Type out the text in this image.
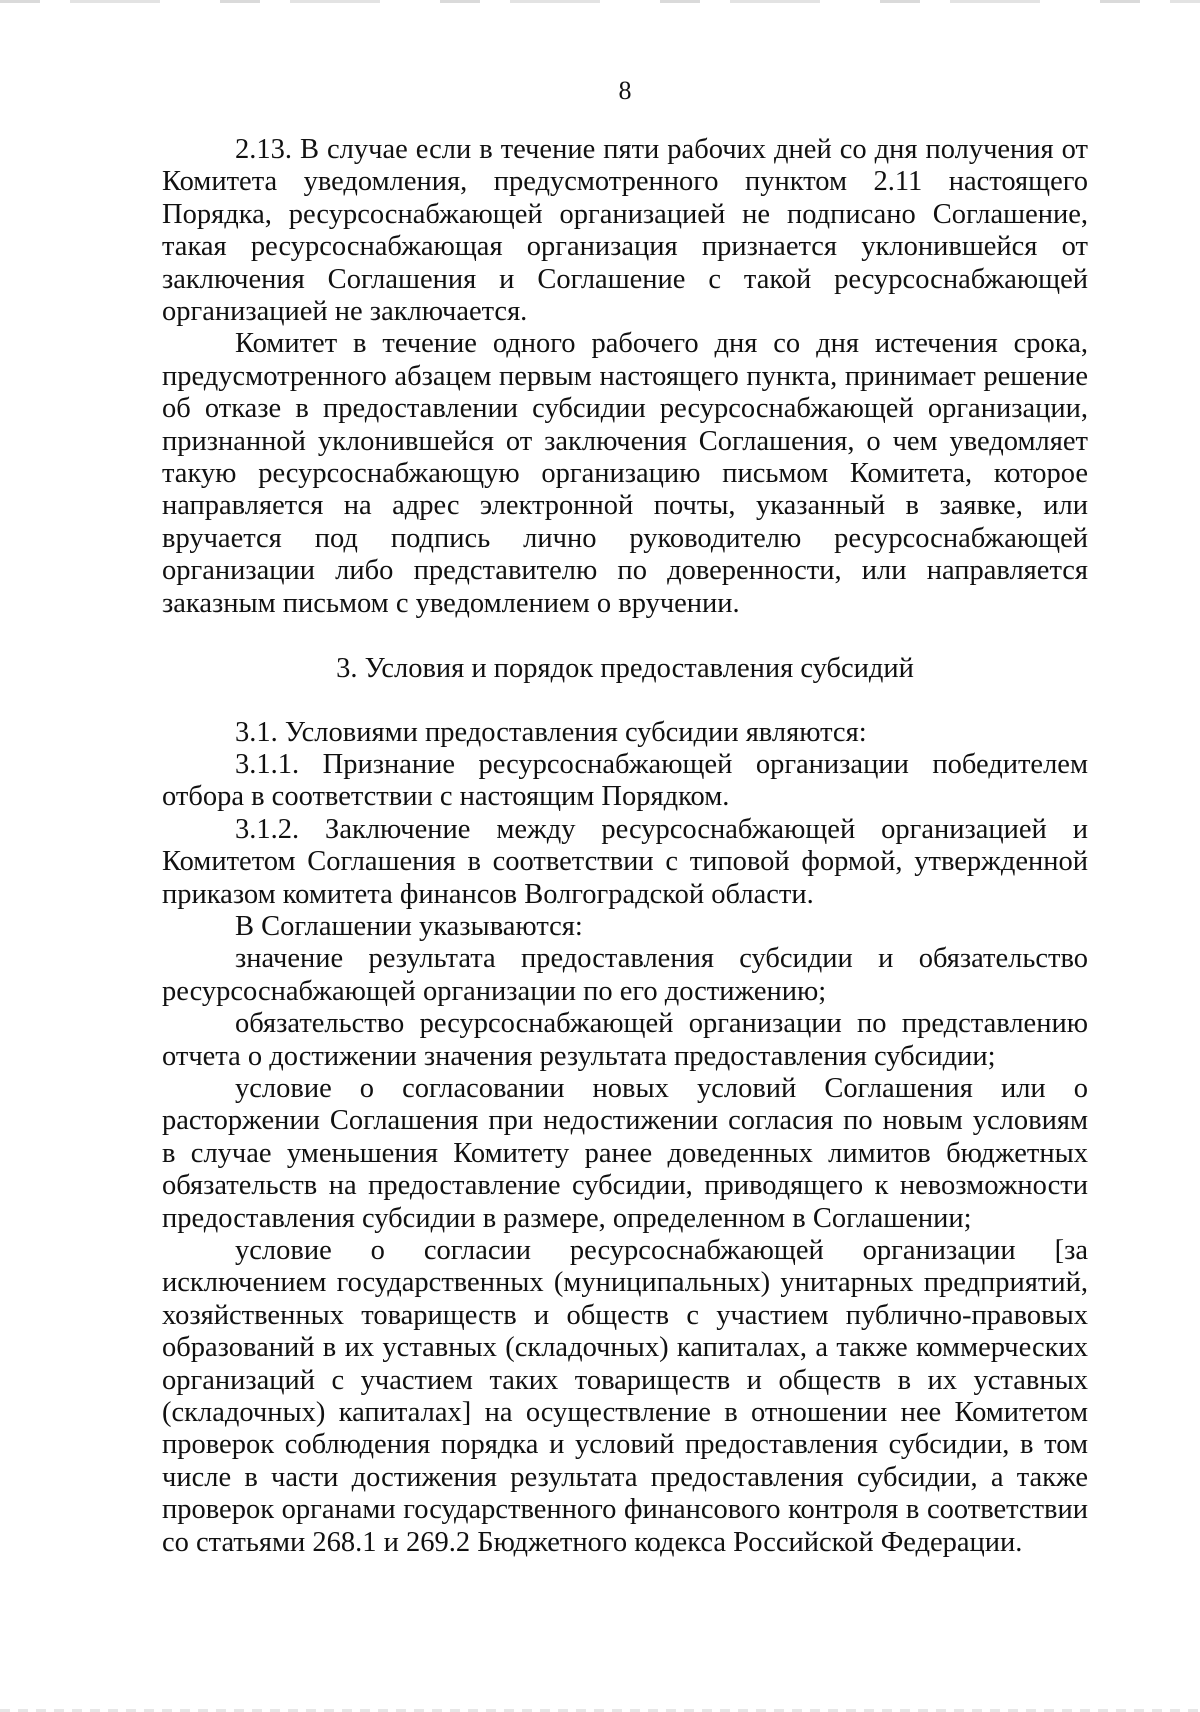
8

2.13. В случае если в течение пяти рабочих дней со дня получения от Комитета уведомления, предусмотренного пунктом 2.11 настоящего Порядка, ресурсоснабжающей организацией не подписано Соглашение, такая ресурсоснабжающая организация признается уклонившейся от заключения Соглашения и Соглашение с такой ресурсоснабжающей организацией не заключается.

Комитет в течение одного рабочего дня со дня истечения срока, предусмотренного абзацем первым настоящего пункта, принимает решение об отказе в предоставлении субсидии ресурсоснабжающей организации, признанной уклонившейся от заключения Соглашения, о чем уведомляет такую ресурсоснабжающую организацию письмом Комитета, которое направляется на адрес электронной почты, указанный в заявке, или вручается под подпись лично руководителю ресурсоснабжающей организации либо представителю по доверенности, или направляется заказным письмом с уведомлением о вручении.

3. Условия и порядок предоставления субсидий

3.1. Условиями предоставления субсидии являются:

3.1.1. Признание ресурсоснабжающей организации победителем отбора в соответствии с настоящим Порядком.

3.1.2. Заключение между ресурсоснабжающей организацией и Комитетом Соглашения в соответствии с типовой формой, утвержденной приказом комитета финансов Волгоградской области.

В Соглашении указываются:

значение результата предоставления субсидии и обязательство ресурсоснабжающей организации по его достижению;

обязательство ресурсоснабжающей организации по представлению отчета о достижении значения результата предоставления субсидии;

условие о согласовании новых условий Соглашения или о расторжении Соглашения при недостижении согласия по новым условиям в случае уменьшения Комитету ранее доведенных лимитов бюджетных обязательств на предоставление субсидии, приводящего к невозможности предоставления субсидии в размере, определенном в Соглашении;

условие о согласии ресурсоснабжающей организации [за исключением государственных (муниципальных) унитарных предприятий, хозяйственных товариществ и обществ с участием публично-правовых образований в их уставных (складочных) капиталах, а также коммерческих организаций с участием таких товариществ и обществ в их уставных (складочных) капиталах] на осуществление в отношении нее Комитетом проверок соблюдения порядка и условий предоставления субсидии, в том числе в части достижения результата предоставления субсидии, а также проверок органами государственного финансового контроля в соответствии со статьями 268.1 и 269.2 Бюджетного кодекса Российской Федерации.
